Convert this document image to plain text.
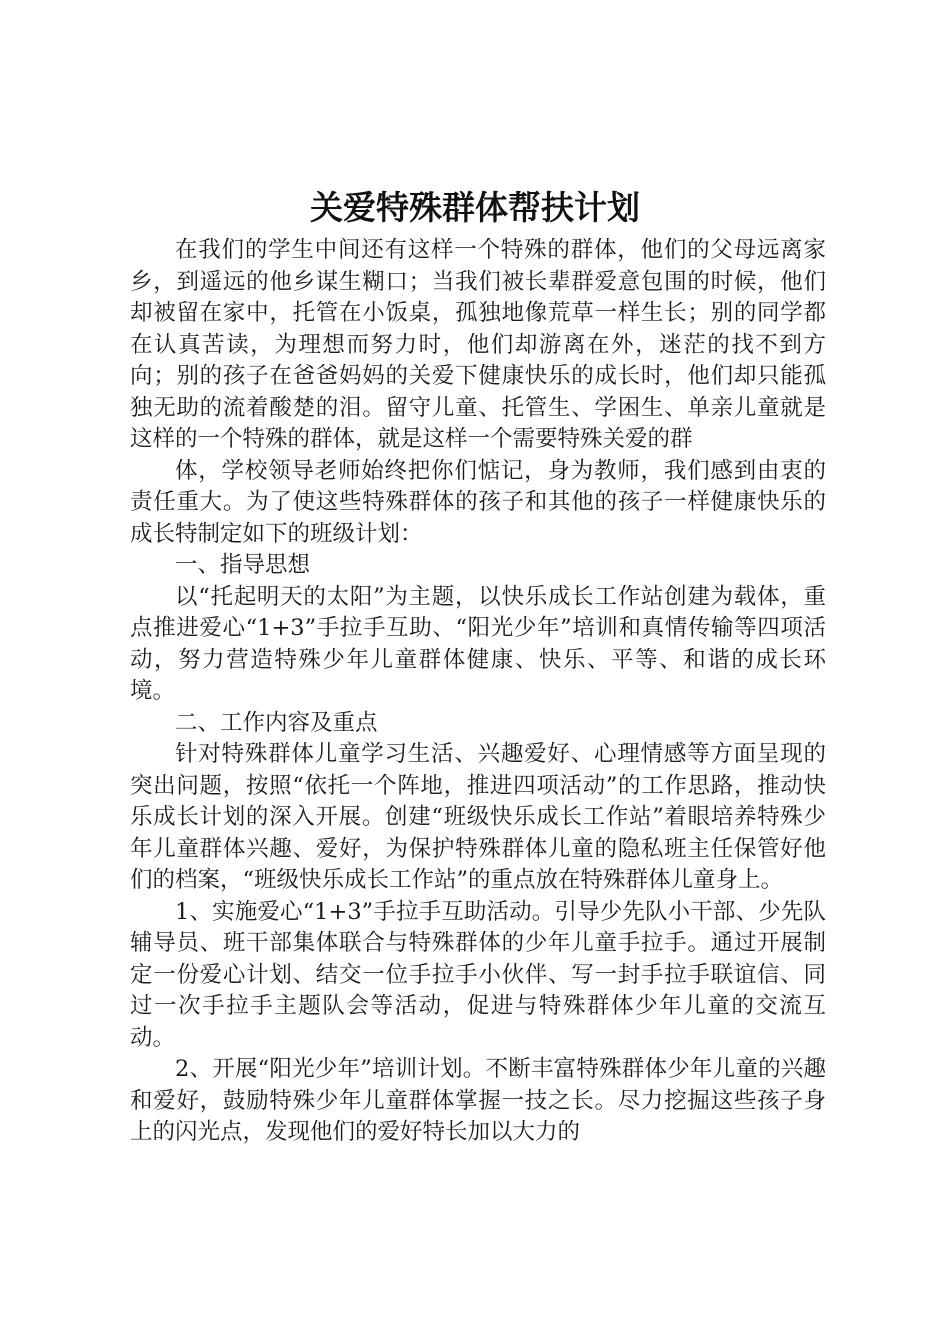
关爱特殊群体帮扶计划

在我们的学生中间还有这样一个特殊的群体，他们的父母远离家乡，到遥远的他乡谋生糊口；当我们被长辈群爱意包围的时候，他们却被留在家中，托管在小饭桌，孤独地像荒草一样生长；别的同学都在认真苦读，为理想而努力时，他们却游离在外，迷茫的找不到方向；别的孩子在爸爸妈妈的关爱下健康快乐的成长时，他们却只能孤独无助的流着酸楚的泪。留守儿童、托管生、学困生、单亲儿童就是这样的一个特殊的群体，就是这样一个需要特殊关爱的群

体，学校领导老师始终把你们惦记，身为教师，我们感到由衷的责任重大。为了使这些特殊群体的孩子和其他的孩子一样健康快乐的成长特制定如下的班级计划：

一、指导思想

以“托起明天的太阳”为主题，以快乐成长工作站创建为载体，重点推进爱心“1+3”手拉手互助、“阳光少年”培训和真情传输等四项活动，努力营造特殊少年儿童群体健康、快乐、平等、和谐的成长环境。

二、工作内容及重点

针对特殊群体儿童学习生活、兴趣爱好、心理情感等方面呈现的突出问题，按照“依托一个阵地，推进四项活动”的工作思路，推动快乐成长计划的深入开展。创建“班级快乐成长工作站”着眼培养特殊少年儿童群体兴趣、爱好，为保护特殊群体儿童的隐私班主任保管好他们的档案，“班级快乐成长工作站”的重点放在特殊群体儿童身上。

1、实施爱心“1+3”手拉手互助活动。引导少先队小干部、少先队辅导员、班干部集体联合与特殊群体的少年儿童手拉手。通过开展制定一份爱心计划、结交一位手拉手小伙伴、写一封手拉手联谊信、同过一次手拉手主题队会等活动，促进与特殊群体少年儿童的交流互动。

2、开展“阳光少年”培训计划。不断丰富特殊群体少年儿童的兴趣和爱好，鼓励特殊少年儿童群体掌握一技之长。尽力挖掘这些孩子身上的闪光点，发现他们的爱好特长加以大力的
